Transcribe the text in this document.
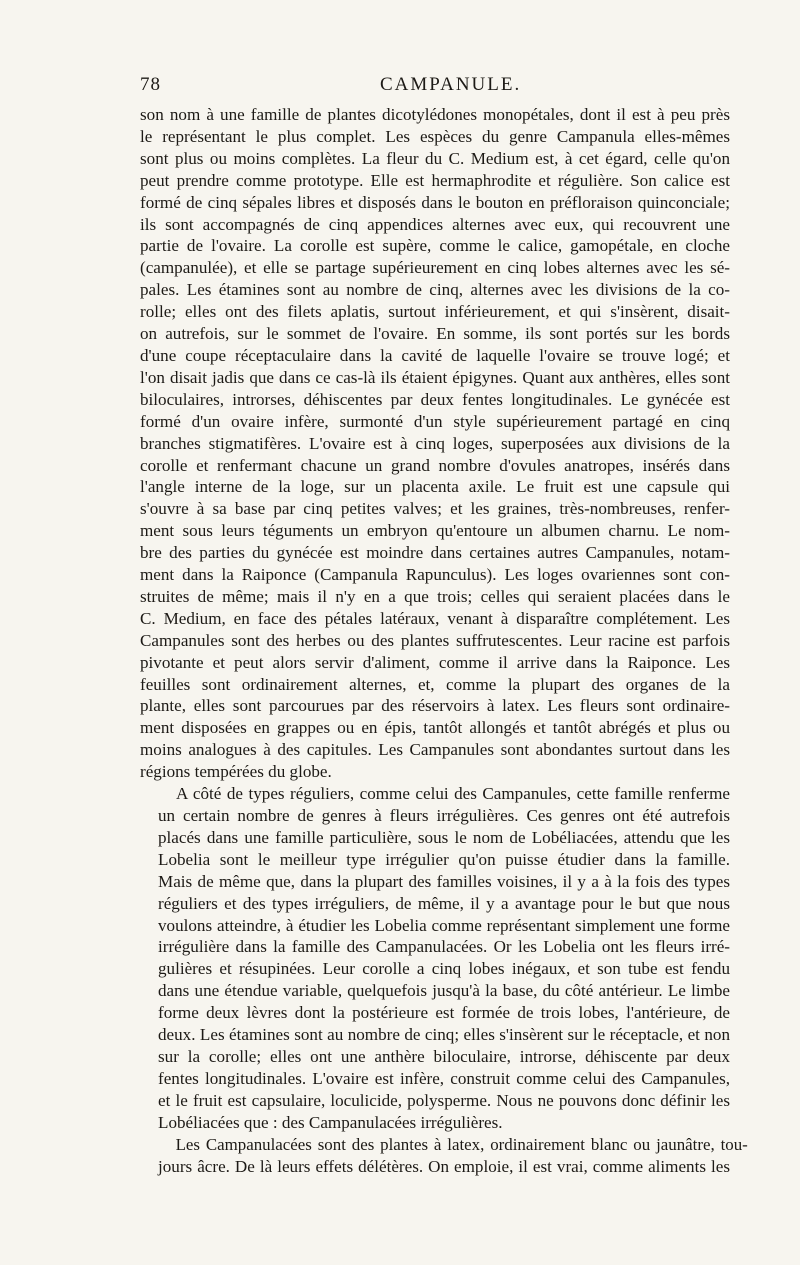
78	CAMPANULE.
son nom à une famille de plantes dicotylédones monopétales, dont il est à peu près
le représentant le plus complet. Les espèces du genre Campanula elles-mêmes
sont plus ou moins complètes. La fleur du C. Medium est, à cet égard, celle qu'on
peut prendre comme prototype. Elle est hermaphrodite et régulière. Son calice est
formé de cinq sépales libres et disposés dans le bouton en préfloraison quinconciale;
ils sont accompagnés de cinq appendices alternes avec eux, qui recouvrent une
partie de l'ovaire. La corolle est supère, comme le calice, gamopétale, en cloche
(campanulée), et elle se partage supérieurement en cinq lobes alternes avec les sé-
pales. Les étamines sont au nombre de cinq, alternes avec les divisions de la co-
rolle; elles ont des filets aplatis, surtout inférieurement, et qui s'insèrent, disait-
on autrefois, sur le sommet de l'ovaire. En somme, ils sont portés sur les bords
d'une coupe réceptaculaire dans la cavité de laquelle l'ovaire se trouve logé; et
l'on disait jadis que dans ce cas-là ils étaient épigynes. Quant aux anthères, elles sont
biloculaires, introrses, déhiscentes par deux fentes longitudinales. Le gynécée est
formé d'un ovaire infère, surmonté d'un style supérieurement partagé en cinq
branches stigmatifères. L'ovaire est à cinq loges, superposées aux divisions de la
corolle et renfermant chacune un grand nombre d'ovules anatropes, insérés dans
l'angle interne de la loge, sur un placenta axile. Le fruit est une capsule qui
s'ouvre à sa base par cinq petites valves; et les graines, très-nombreuses, renfer-
ment sous leurs téguments un embryon qu'entoure un albumen charnu. Le nom-
bre des parties du gynécée est moindre dans certaines autres Campanules, notam-
ment dans la Raiponce (Campanula Rapunculus). Les loges ovariennes sont con-
struites de même; mais il n'y en a que trois; celles qui seraient placées dans le
C. Medium, en face des pétales latéraux, venant à disparaître complétement. Les
Campanules sont des herbes ou des plantes suffrutescentes. Leur racine est parfois
pivotante et peut alors servir d'aliment, comme il arrive dans la Raiponce. Les
feuilles sont ordinairement alternes, et, comme la plupart des organes de la
plante, elles sont parcourues par des réservoirs à latex. Les fleurs sont ordinaire-
ment disposées en grappes ou en épis, tantôt allongés et tantôt abrégés et plus ou
moins analogues à des capitules. Les Campanules sont abondantes surtout dans les
régions tempérées du globe.
A côté de types réguliers, comme celui des Campanules, cette famille renferme
un certain nombre de genres à fleurs irrégulières. Ces genres ont été autrefois
placés dans une famille particulière, sous le nom de Lobéliacées, attendu que les
Lobelia sont le meilleur type irrégulier qu'on puisse étudier dans la famille.
Mais de même que, dans la plupart des familles voisines, il y a à la fois des types
réguliers et des types irréguliers, de même, il y a avantage pour le but que nous
voulons atteindre, à étudier les Lobelia comme représentant simplement une forme
irrégulière dans la famille des Campanulacées. Or les Lobelia ont les fleurs irré-
gulières et résupinées. Leur corolle a cinq lobes inégaux, et son tube est fendu
dans une étendue variable, quelquefois jusqu'à la base, du côté antérieur. Le limbe
forme deux lèvres dont la postérieure est formée de trois lobes, l'antérieure, de
deux. Les étamines sont au nombre de cinq; elles s'insèrent sur le réceptacle, et non
sur la corolle; elles ont une anthère biloculaire, introrse, déhiscente par deux
fentes longitudinales. L'ovaire est infère, construit comme celui des Campanules,
et le fruit est capsulaire, loculicide, polysperme. Nous ne pouvons donc définir les
Lobéliacées que : des Campanulacées irrégulières.
Les Campanulacées sont des plantes à latex, ordinairement blanc ou jaunâtre, tou-
jours âcre. De là leurs effets délétères. On emploie, il est vrai, comme aliments les
